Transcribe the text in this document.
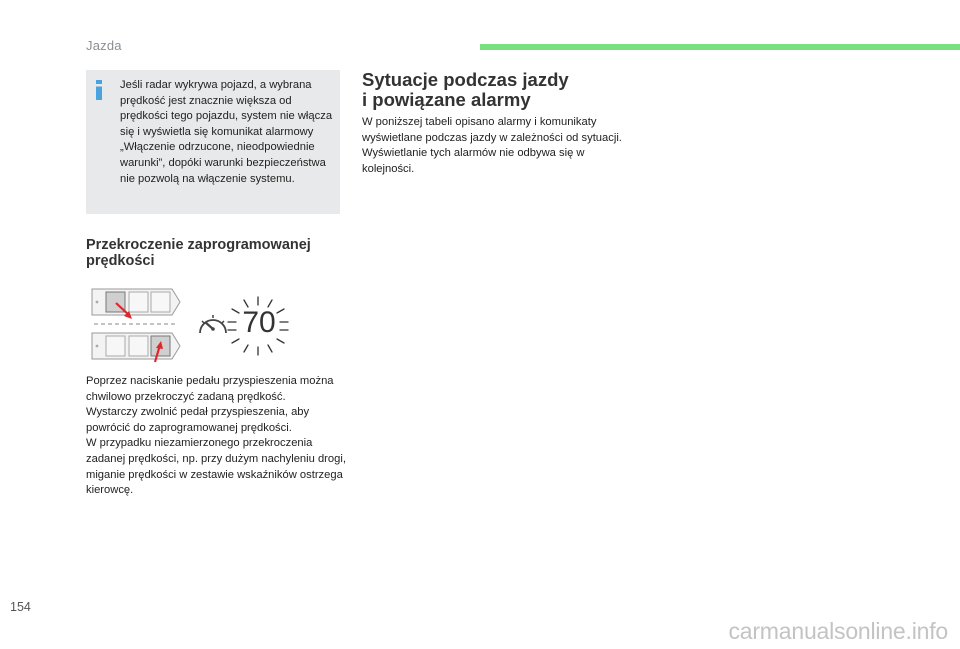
Jazda
Jeśli radar wykrywa pojazd, a wybrana prędkość jest znacznie większa od prędkości tego pojazdu, system nie włącza się i wyświetla się komunikat alarmowy „Włączenie odrzucone, nieodpowiednie warunki”, dopóki warunki bezpieczeństwa nie pozwolą na włączenie systemu.
Przekroczenie zaprogramowanej
prędkości
70

Poprzez naciskanie pedału przyspieszenia można chwilowo przekroczyć zadaną prędkość.

Wystarczy zwolnić pedał przyspieszenia, aby powrócić do zaprogramowanej prędkości.

W przypadku niezamierzonego przekroczenia zadanej prędkości, np. przy dużym nachyleniu drogi, miganie prędkości w zestawie wskaźników ostrzega kierowcę.

Sytuacje podczas jazdy
i powiązane alarmy

W poniższej tabeli opisano alarmy i komunikaty wyświetlane podczas jazdy w zależności od sytuacji.

Wyświetlanie tych alarmów nie odbywa się w kolejności.

154
carmanualsonline.info
